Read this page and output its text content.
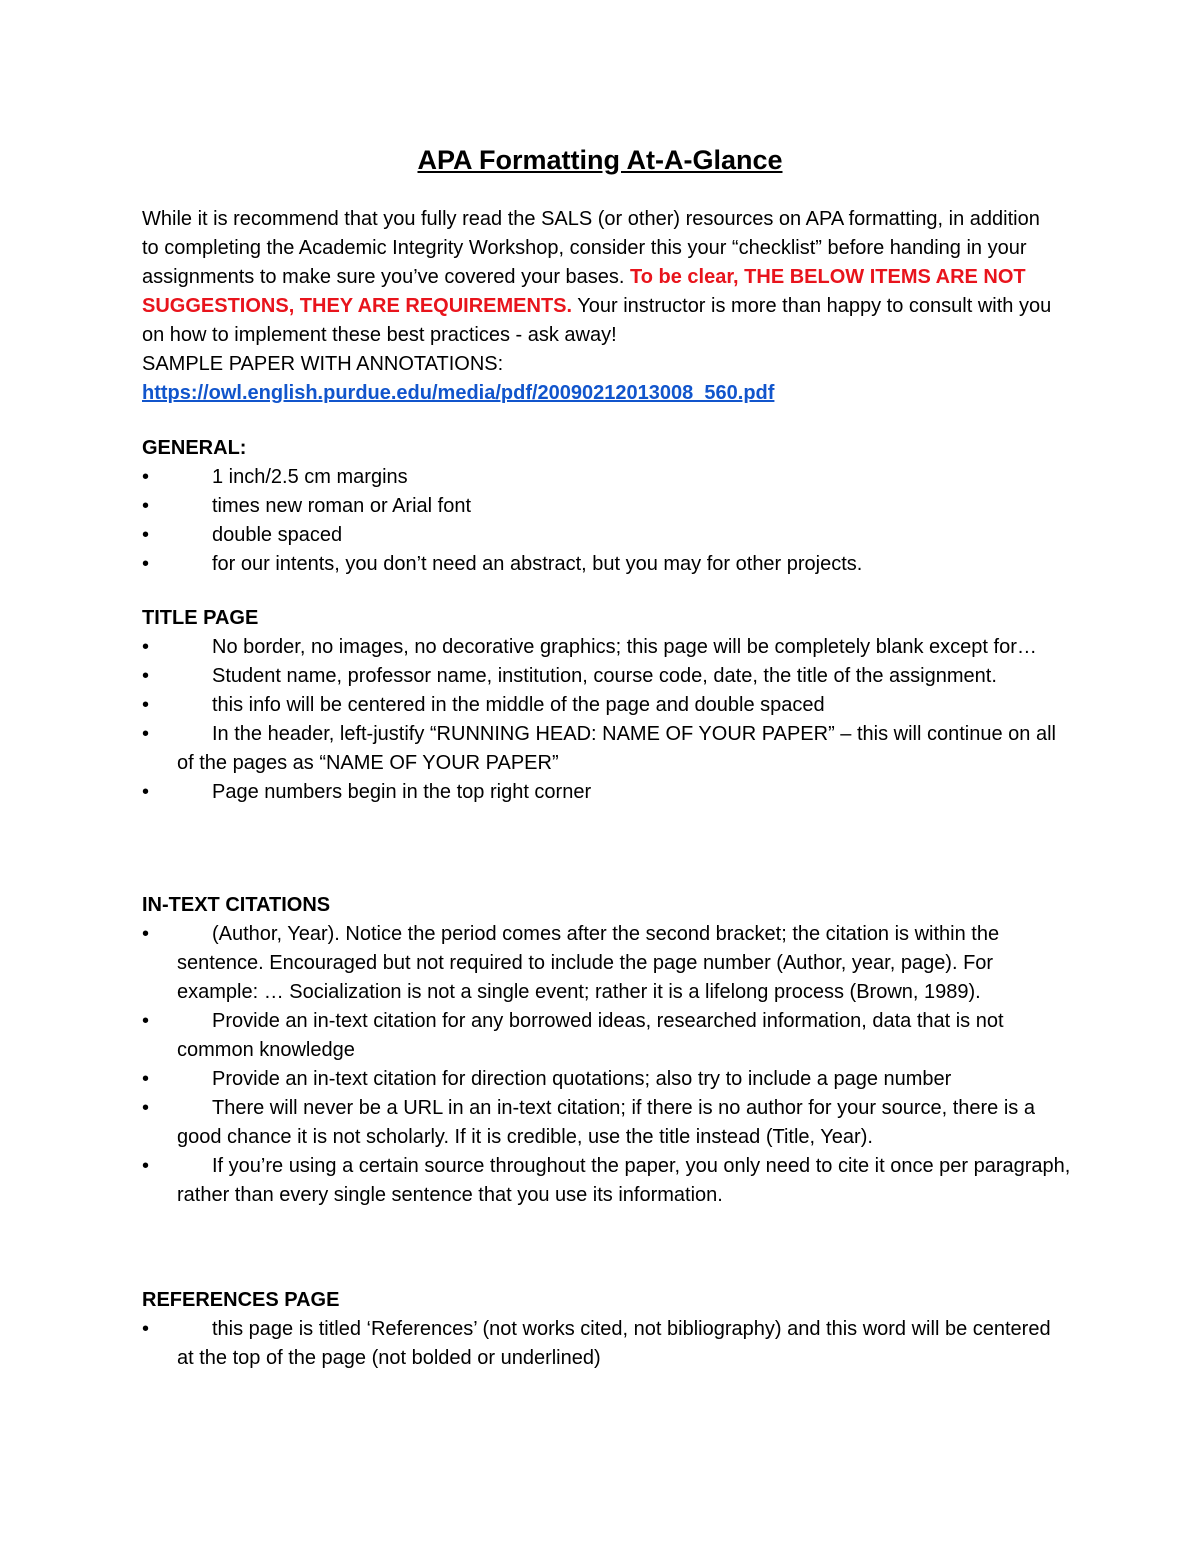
APA Formatting At-A-Glance
While it is recommend that you fully read the SALS (or other) resources on APA formatting, in addition to completing the Academic Integrity Workshop, consider this your “checklist” before handing in your assignments to make sure you’ve covered your bases. To be clear, THE BELOW ITEMS ARE NOT SUGGESTIONS, THEY ARE REQUIREMENTS. Your instructor is more than happy to consult with you on how to implement these best practices - ask away!
SAMPLE PAPER WITH ANNOTATIONS:
https://owl.english.purdue.edu/media/pdf/20090212013008_560.pdf

GENERAL:

•	1 inch/2.5 cm margins
•	times new roman or Arial font
•	double spaced
•	for our intents, you don’t need an abstract, but you may for other projects.

TITLE PAGE

•	No border, no images, no decorative graphics; this page will be completely blank except for…
•	Student name, professor name, institution, course code, date, the title of the assignment.
•	this info will be centered in the middle of the page and double spaced
•	In the header, left-justify “RUNNING HEAD: NAME OF YOUR PAPER” – this will continue on all of the pages as “NAME OF YOUR PAPER”
•	Page numbers begin in the top right corner

IN-TEXT CITATIONS

•	(Author, Year). Notice the period comes after the second bracket; the citation is within the sentence. Encouraged but not required to include the page number (Author, year, page). For example: … Socialization is not a single event; rather it is a lifelong process (Brown, 1989).
•	Provide an in-text citation for any borrowed ideas, researched information, data that is not common knowledge
•	Provide an in-text citation for direction quotations; also try to include a page number
•	There will never be a URL in an in-text citation; if there is no author for your source, there is a good chance it is not scholarly. If it is credible, use the title instead (Title, Year).
•	If you’re using a certain source throughout the paper, you only need to cite it once per paragraph, rather than every single sentence that you use its information.

REFERENCES PAGE

•	this page is titled ‘References’ (not works cited, not bibliography) and this word will be centered at the top of the page (not bolded or underlined)
